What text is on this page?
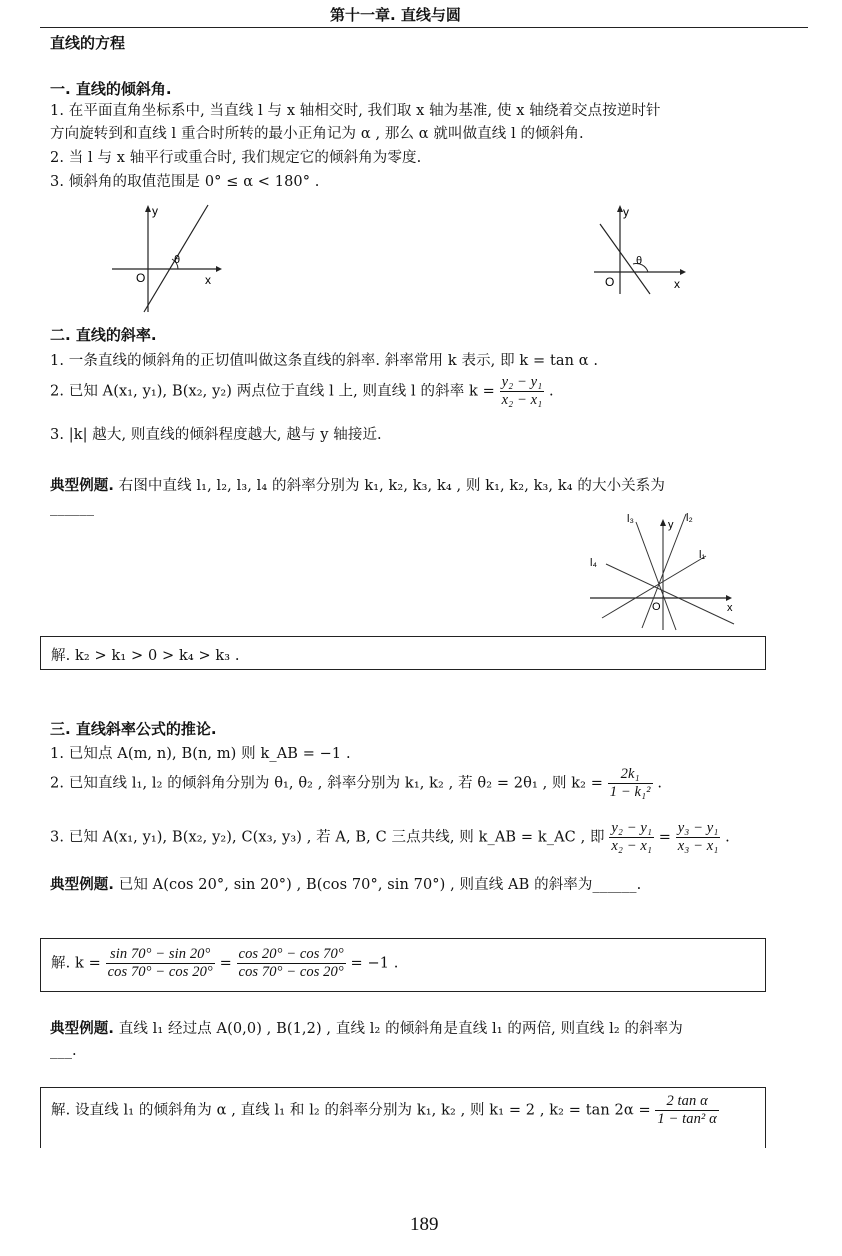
第十一章. 直线与圆
直线的方程
一. 直线的倾斜角.
1. 在平面直角坐标系中, 当直线 l 与 x 轴相交时, 我们取 x 轴为基准, 使 x 轴绕着交点按逆时针
方向旋转到和直线 l 重合时所转的最小正角记为 α , 那么 α 就叫做直线 l 的倾斜角.
2. 当 l 与 x 轴平行或重合时, 我们规定它的倾斜角为零度.
3. 倾斜角的取值范围是 0° ≤ α < 180° .
y
x
O
θ
y
x
O
θ
二. 直线的斜率.
1. 一条直线的倾斜角的正切值叫做这条直线的斜率. 斜率常用 k 表示, 即 k = tan α .
2. 已知 A(x₁, y₁), B(x₂, y₂) 两点位于直线 l 上, 则直线 l 的斜率 $k = \frac{\text{y₂ − y₁}}{\text{x₂ − x₁}}$ .
3. |k| 越大, 则直线的倾斜程度越大, 越与 y 轴接近.
典型例题. 右图中直线 l₁, l₂, l₃, l₄ 的斜率分别为 k₁, k₂, k₃, k₄ , 则 k₁, k₂, k₃, k₄ 的大小关系为
______
l₃	l₂
l₁
l₄
y
x
O
解. k₂ > k₁ > 0 > k₄ > k₃ .
三. 直线斜率公式的推论.
1. 已知点 A(m, n), B(n, m) 则 k_AB = −1 .
2. 已知直线 l₁, l₂ 的倾斜角分别为 θ₁, θ₂ , 斜率分别为 k₁, k₂ , 若 θ₂ = 2θ₁ , 则 $k_2 = \frac{\text{2k₁}}{\text{1 − k₁²}}$ .
3. 已知 A(x₁, y₁), B(x₂, y₂), C(x₃, y₃) , 若 A, B, C 三点共线, 则 k_AB = k_AC , 即 $\frac{\text{y₂ − y₁}}{\text{x₂ − x₁}} = \frac{\text{y₃ − y₁}}{\text{x₃ − x₁}}$ .
典型例题. 已知 A(cos 20°, sin 20°) , B(cos 70°, sin 70°) , 则直线 AB 的斜率为______.
解. $k = \frac{\sin 70^\circ - \sin 20^\circ}{\cos 70^\circ - \cos 20^\circ} = \frac{\cos 20^\circ - \cos 70^\circ}{\cos 70^\circ - \cos 20^\circ} = -1$ .
典型例题. 直线 l₁ 经过点 A(0,0) , B(1,2) , 直线 l₂ 的倾斜角是直线 l₁ 的两倍, 则直线 l₂ 的斜率为
___.
解. 设直线 l₁ 的倾斜角为 α , 直线 l₁ 和 l₂ 的斜率分别为 k₁, k₂ , 则 k₁ = 2 , $k_2 = \tan 2\alpha = \frac{\text{2 tan α}}{\text{1 − tan² α}}$
189
